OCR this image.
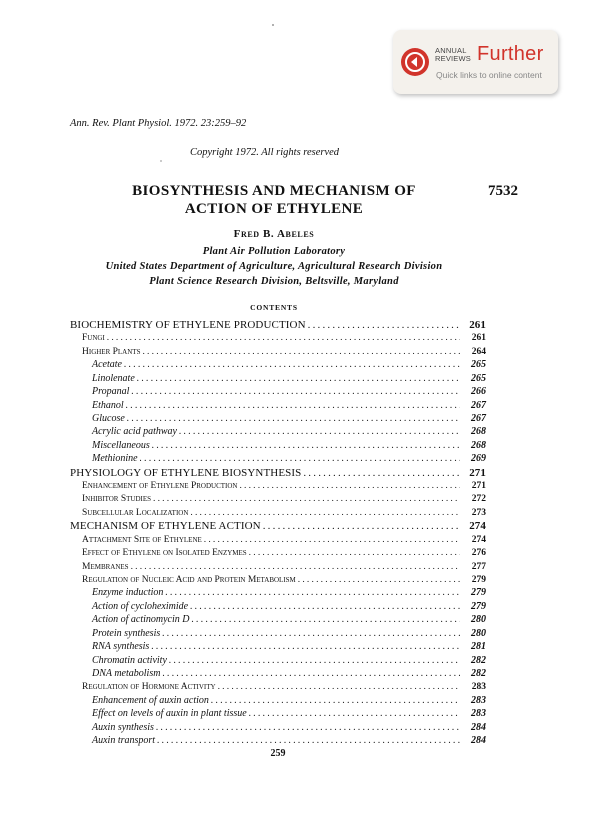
ANNUAL
REVIEWS Further
Quick links to online content
Ann. Rev. Plant Physiol. 1972. 23:259–92
Copyright 1972. All rights reserved
BIOSYNTHESIS AND MECHANISM OF
ACTION OF ETHYLENE
7532
Fred B. Abeles
Plant Air Pollution Laboratory
United States Department of Agriculture, Agricultural Research Division
Plant Science Research Division, Beltsville, Maryland
CONTENTS
BIOCHEMISTRY OF ETHYLENE PRODUCTION .....	261
Fungi .....	261
Higher Plants .....	264
Acetate .....	265
Linolenate .....	265
Propanal .....	266
Ethanol .....	267
Glucose .....	267
Acrylic acid pathway .....	268
Miscellaneous .....	268
Methionine .....	269
PHYSIOLOGY OF ETHYLENE BIOSYNTHESIS .....	271
Enhancement of Ethylene Production .....	271
Inhibitor Studies .....	272
Subcellular Localization .....	273
MECHANISM OF ETHYLENE ACTION .....	274
Attachment Site of Ethylene .....	274
Effect of Ethylene on Isolated Enzymes .....	276
Membranes .....	277
Regulation of Nucleic Acid and Protein Metabolism .....	279
Enzyme induction .....	279
Action of cycloheximide .....	279
Action of actinomycin D .....	280
Protein synthesis .....	280
RNA synthesis .....	281
Chromatin activity .....	282
DNA metabolism .....	282
Regulation of Hormone Activity .....	283
Enhancement of auxin action .....	283
Effect on levels of auxin in plant tissue .....	283
Auxin synthesis .....	284
Auxin transport .....	284
259
